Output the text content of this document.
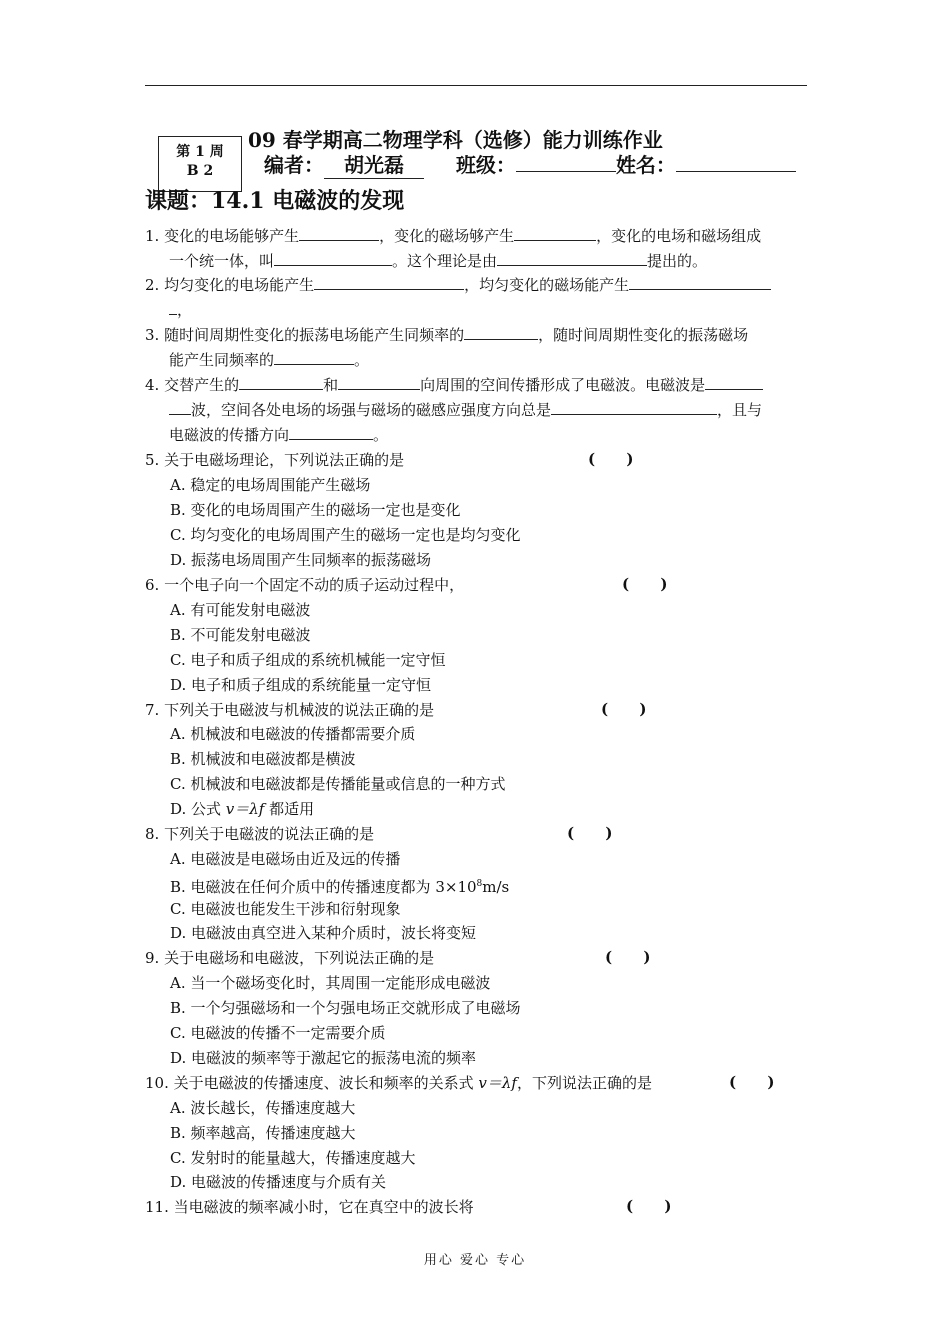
第 1 周
B 2
09 春学期高二物理学科（选修）能力训练作业
编者： 胡光磊	班级：	姓名：
课题：14.1 电磁波的发现
1. 变化的电场能够产生	，变化的磁场够产生	，变化的电场和磁场组成
一个统一体，叫	。这个理论是由	提出的。
2. 均匀变化的电场能产生	，均匀变化的磁场能产生
，
3. 随时间周期性变化的振荡电场能产生同频率的	，随时间周期性变化的振荡磁场
能产生同频率的	。
4. 交替产生的	和	向周围的空间传播形成了电磁波。电磁波是
波，空间各处电场的场强与磁场的磁感应强度方向总是	，且与
电磁波的传播方向	。
5. 关于电磁场理论，下列说法正确的是	(      )
A. 稳定的电场周围能产生磁场
B. 变化的电场周围产生的磁场一定也是变化
C. 均匀变化的电场周围产生的磁场一定也是均匀变化
D. 振荡电场周围产生同频率的振荡磁场
6. 一个电子向一个固定不动的质子运动过程中，	(      )
A. 有可能发射电磁波
B. 不可能发射电磁波
C. 电子和质子组成的系统机械能一定守恒
D. 电子和质子组成的系统能量一定守恒
7. 下列关于电磁波与机械波的说法正确的是	(      )
A. 机械波和电磁波的传播都需要介质
B. 机械波和电磁波都是横波
C. 机械波和电磁波都是传播能量或信息的一种方式
D. 公式 v＝λf 都适用
8. 下列关于电磁波的说法正确的是	(      )
A. 电磁波是电磁场由近及远的传播
B. 电磁波在任何介质中的传播速度都为 $3\times 10^8m/s$
C. 电磁波也能发生干涉和衍射现象
D. 电磁波由真空进入某种介质时，波长将变短
9. 关于电磁场和电磁波，下列说法正确的是	(      )
A. 当一个磁场变化时，其周围一定能形成电磁波
B. 一个匀强磁场和一个匀强电场正交就形成了电磁场
C. 电磁波的传播不一定需要介质
D. 电磁波的频率等于激起它的振荡电流的频率
10. 关于电磁波的传播速度、波长和频率的关系式 v＝λf，下列说法正确的是	(      )
A. 波长越长，传播速度越大
B. 频率越高，传播速度越大
C. 发射时的能量越大，传播速度越大
D. 电磁波的传播速度与介质有关
11. 当电磁波的频率减小时，它在真空中的波长将	(      )
用心 爱心 专心
